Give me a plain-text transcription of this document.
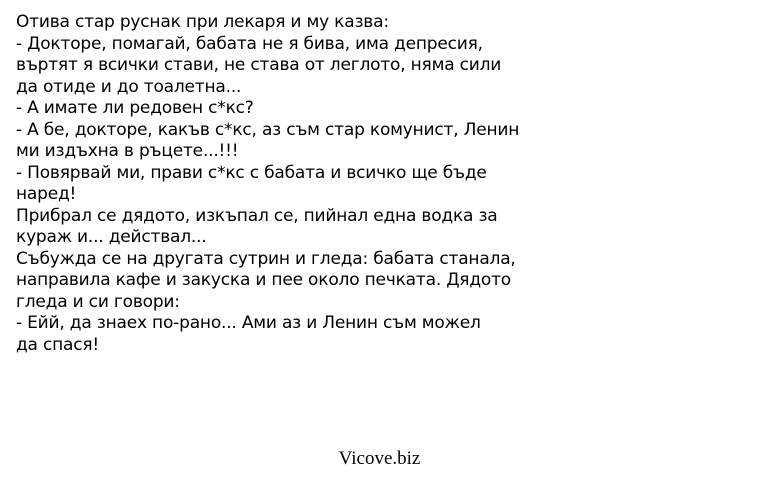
Отива стар руснак при лекаря и му казва:
- Докторе, помагай, бабата не я бива, има депресия,
въртят я всички стави, не става от леглото, няма сили
да отиде и до тоалетна...
- А имате ли редовен с*кс?
- А бе, докторе, какъв с*кс, аз съм стар комунист, Ленин
ми издъхна в ръцете...!!!
- Повярвай ми, прави с*кс с бабата и всичко ще бъде
наред!
Прибрал се дядото, изкъпал се, пийнал една водка за
кураж и... действал...
Събужда се на другата сутрин и гледа: бабата станала,
направила кафе и закуска и пее около печката. Дядото
гледа и си говори:
- Ейй, да знаех по-рано... Ами аз и Ленин съм можел
да спася!
Vicove.biz
